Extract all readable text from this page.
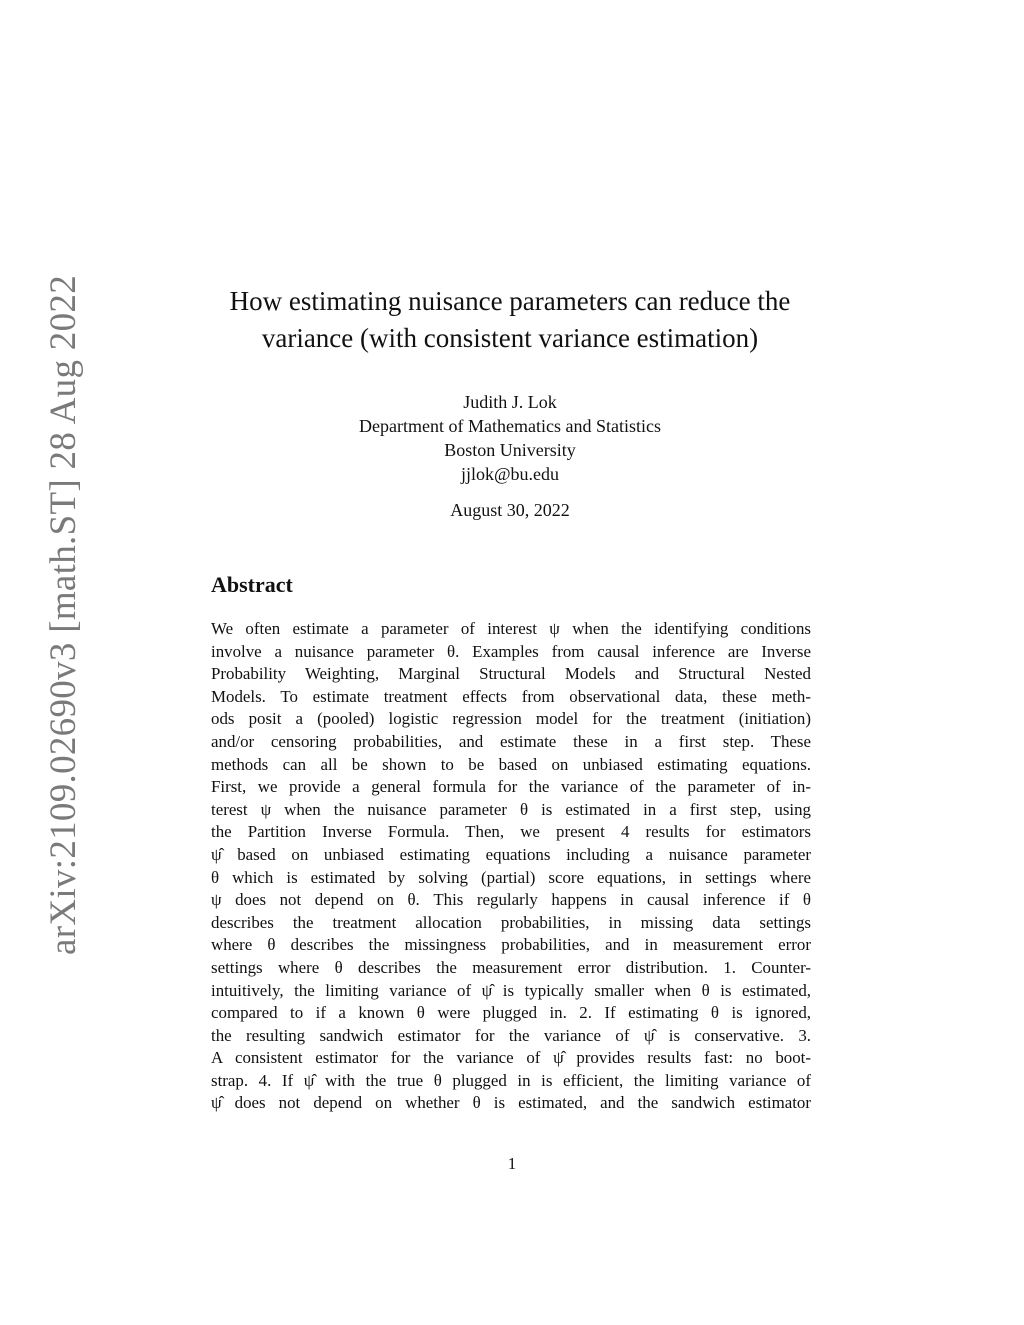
arXiv:2109.02690v3 [math.ST] 28 Aug 2022	How estimating nuisance parameters can reduce the
variance (with consistent variance estimation)
Judith J. Lok
Department of Mathematics and Statistics
Boston University
jjlok@bu.edu
August 30, 2022
Abstract
We often estimate a parameter of interest ψ when the identifying conditions
involve a nuisance parameter θ. Examples from causal inference are Inverse
Probability Weighting, Marginal Structural Models and Structural Nested
Models. To estimate treatment effects from observational data, these meth-
ods posit a (pooled) logistic regression model for the treatment (initiation)
and/or censoring probabilities, and estimate these in a first step. These
methods can all be shown to be based on unbiased estimating equations.
First, we provide a general formula for the variance of the parameter of in-
terest ψ when the nuisance parameter θ is estimated in a first step, using
the Partition Inverse Formula. Then, we present 4 results for estimators
ψ̂ based on unbiased estimating equations including a nuisance parameter
θ which is estimated by solving (partial) score equations, in settings where
ψ does not depend on θ. This regularly happens in causal inference if θ
describes the treatment allocation probabilities, in missing data settings
where θ describes the missingness probabilities, and in measurement error
settings where θ describes the measurement error distribution. 1. Counter-
intuitively, the limiting variance of ψ̂ is typically smaller when θ is estimated,
compared to if a known θ were plugged in. 2. If estimating θ is ignored,
the resulting sandwich estimator for the variance of ψ̂ is conservative. 3.
A consistent estimator for the variance of ψ̂ provides results fast: no boot-
strap. 4. If ψ̂ with the true θ plugged in is efficient, the limiting variance of
ψ̂ does not depend on whether θ is estimated, and the sandwich estimator
1
